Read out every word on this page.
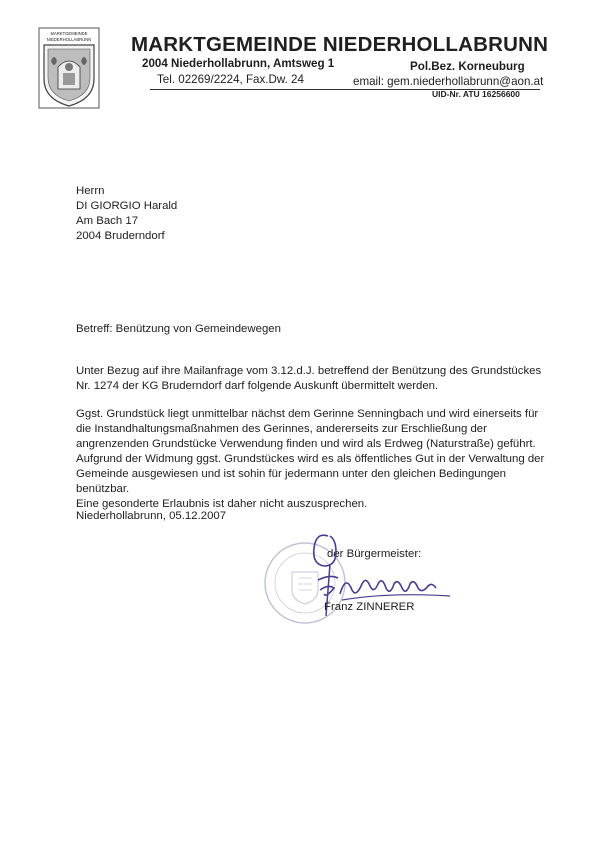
MARKTGEMEINDE
NIEDERHOLLABRUNN MARKTGEMEINDE NIEDERHOLLABRUNN
2004 Niederhollabrunn, Amtsweg 1	Pol.Bez. Korneuburg
Tel. 02269/2224, Fax.Dw. 24	email: gem.niederhollabrunn@aon.at
UID-Nr. ATU 16256600
Herrn
DI GIORGIO Harald
Am Bach 17
2004 Bruderndorf
Betreff: Benützung von Gemeindewegen
Unter Bezug auf ihre Mailanfrage vom 3.12.d.J. betreffend der Benützung des Grundstückes
Nr. 1274 der KG Bruderndorf darf folgende Auskunft übermittelt werden.
Ggst. Grundstück liegt unmittelbar nächst dem Gerinne Senningbach und wird einerseits für
die Instandhaltungsmaßnahmen des Gerinnes, andererseits zur Erschließung der
angrenzenden Grundstücke Verwendung finden und wird als Erdweg (Naturstraße) geführt.
Aufgrund der Widmung ggst. Grundstückes wird es als öffentliches Gut in der Verwaltung der
Gemeinde ausgewiesen und ist sohin für jedermann unter den gleichen Bedingungen
benützbar.
Eine gesonderte Erlaubnis ist daher nicht auszusprechen.
Niederhollabrunn, 05.12.2007
der Bürgermeister:
Franz ZINNERER
